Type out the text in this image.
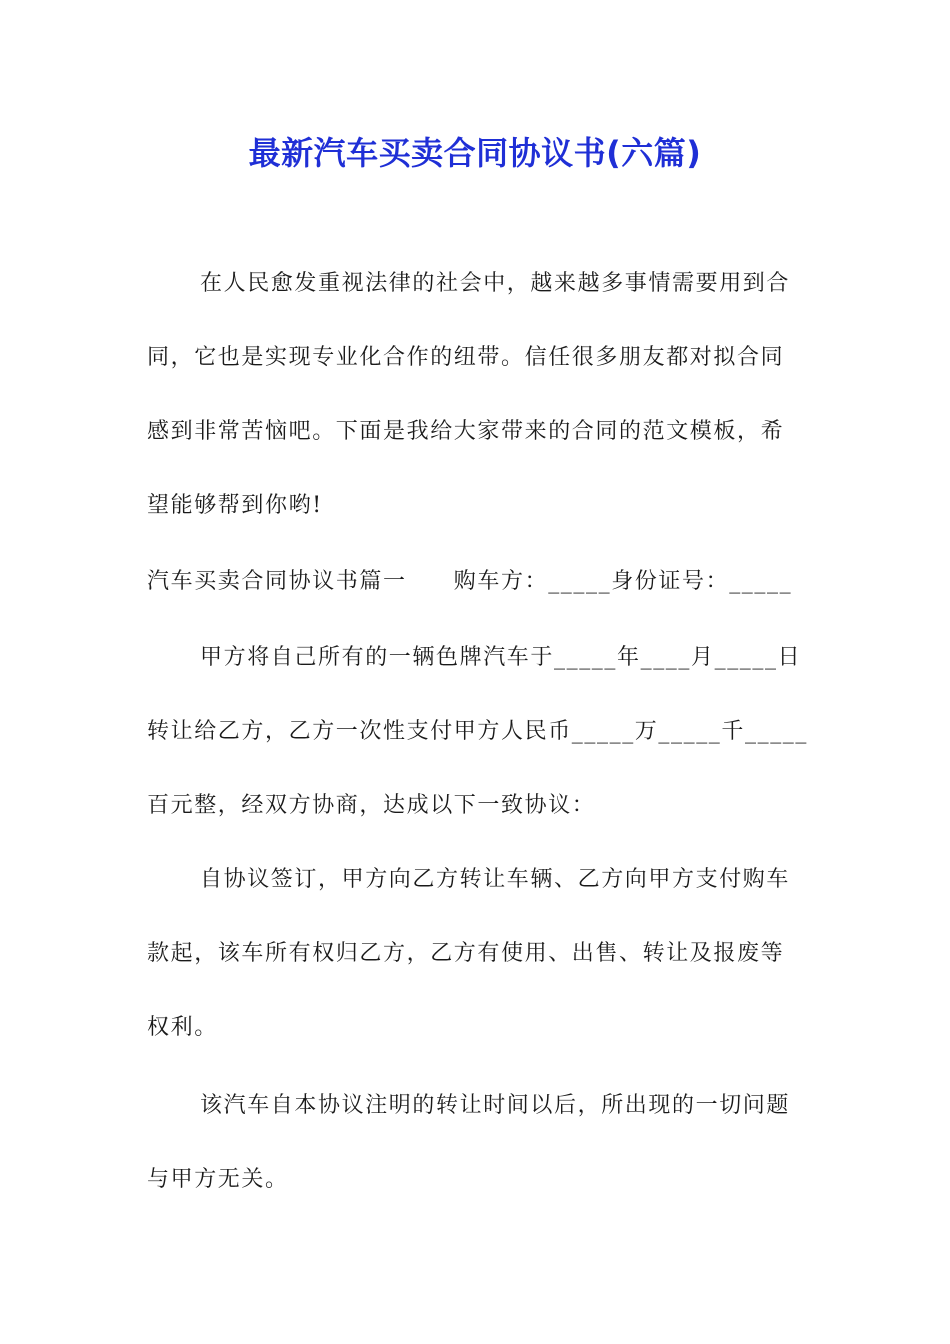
最新汽车买卖合同协议书(六篇)

在人民愈发重视法律的社会中，越来越多事情需要用到合

同，它也是实现专业化合作的纽带。信任很多朋友都对拟合同

感到非常苦恼吧。下面是我给大家带来的合同的范文模板，希

望能够帮到你哟!

汽车买卖合同协议书篇一　　购车方：_____身份证号：_____

甲方将自己所有的一辆色牌汽车于_____年____月_____日

转让给乙方，乙方一次性支付甲方人民币_____万_____千_____

百元整，经双方协商，达成以下一致协议：

自协议签订，甲方向乙方转让车辆、乙方向甲方支付购车

款起，该车所有权归乙方，乙方有使用、出售、转让及报废等

权利。

该汽车自本协议注明的转让时间以后，所出现的一切问题

与甲方无关。
